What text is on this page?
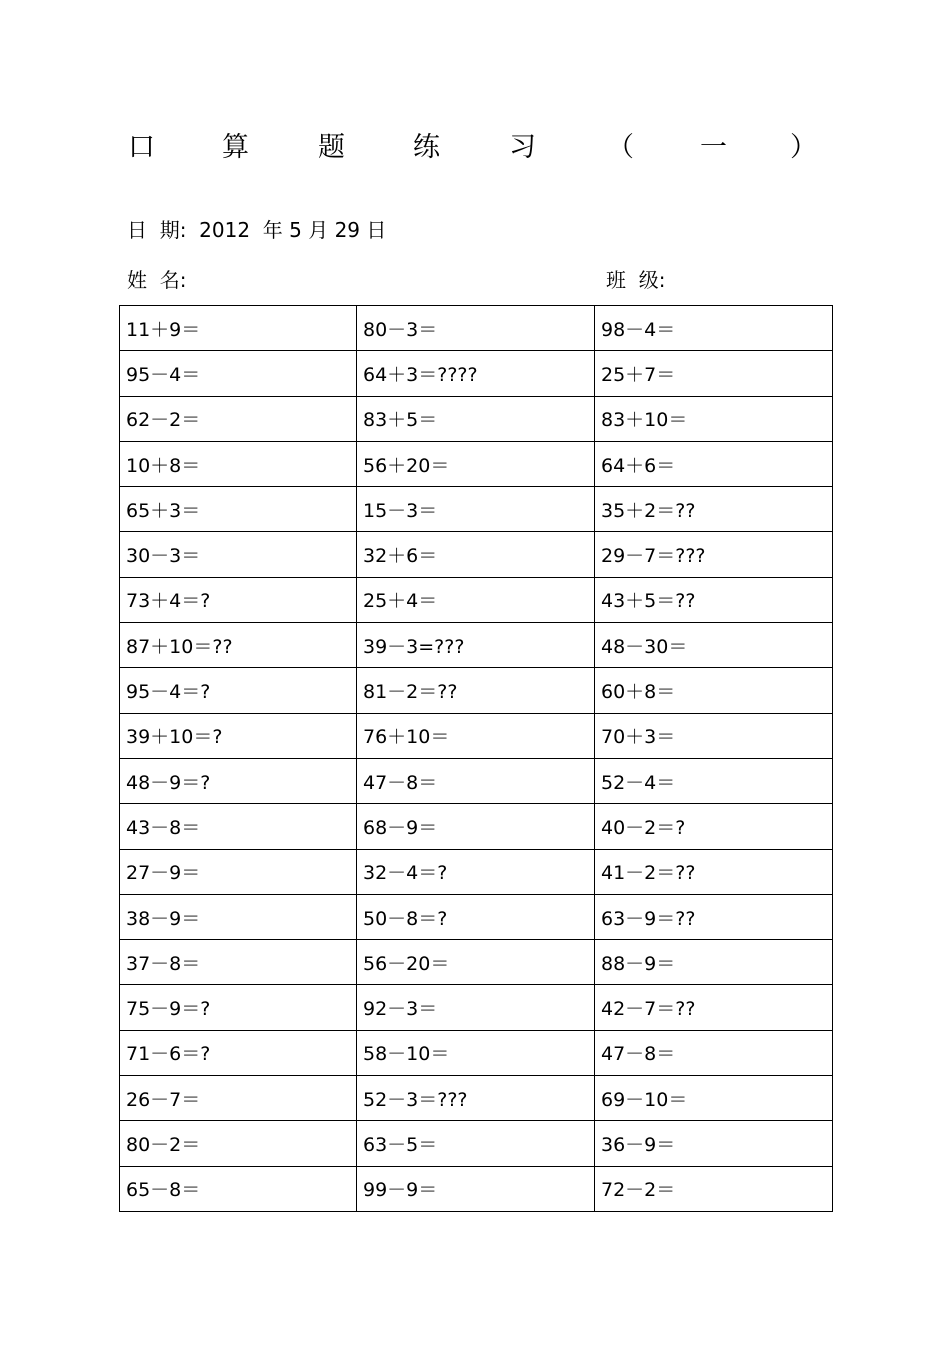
口 算	题	练	习	（ 一 ）
日  期:  2012  年 5 月 29 日
姓  名:	班  级:
11＋9＝	80－3＝	98－4＝
95－4＝	64＋3＝????	25＋7＝
62－2＝	83＋5＝	83＋10＝
10＋8＝	56＋20＝	64＋6＝
65＋3＝	15－3＝	35＋2＝??
30－3＝	32＋6＝	29－7＝???
73＋4＝?	25＋4＝	43＋5＝??
87＋10＝??	39－3=???	48－30＝
95－4＝?	81－2＝??	60＋8＝
39＋10＝?	76＋10＝	70＋3＝
48－9＝?	47－8＝	52－4＝
43－8＝	68－9＝	40－2＝?
27－9＝	32－4＝?	41－2＝??
38－9＝	50－8＝?	63－9＝??
37－8＝	56－20＝	88－9＝
75－9＝?	92－3＝	42－7＝??
71－6＝?	58－10＝	47－8＝
26－7＝	52－3＝???	69－10＝
80－2＝	63－5＝	36－9＝
65－8＝	99－9＝	72－2＝
